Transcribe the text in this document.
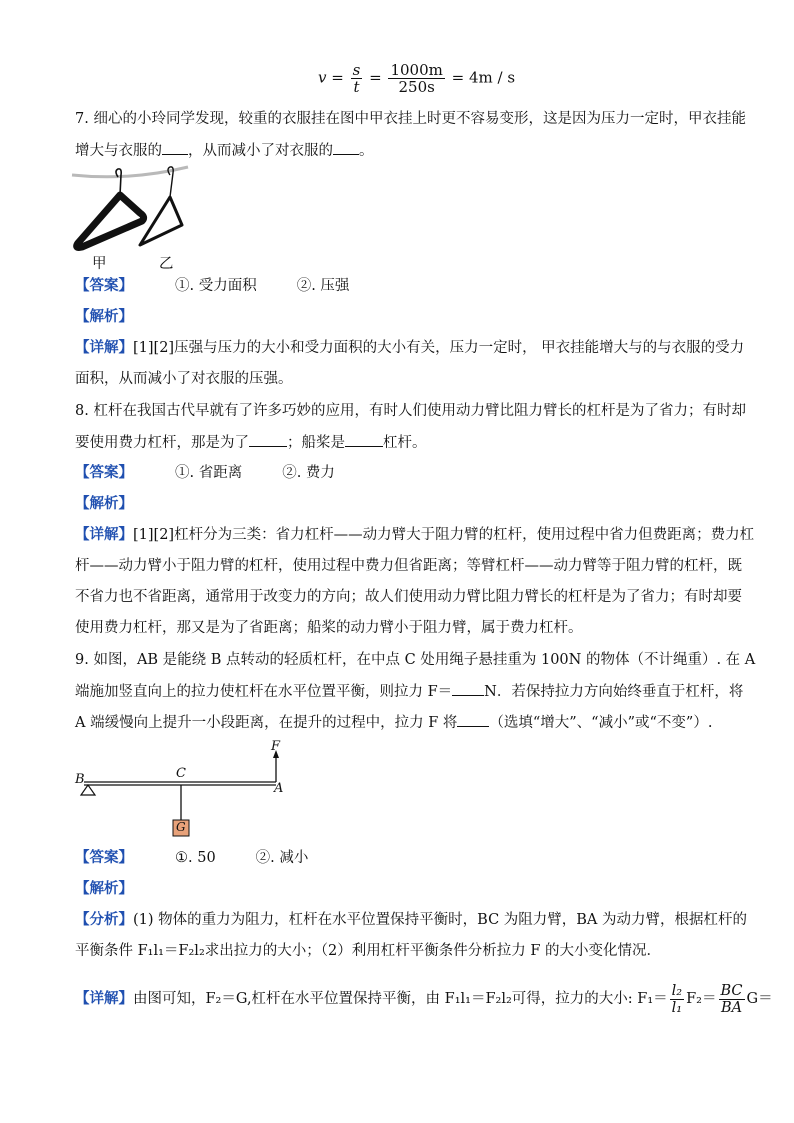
$v = \frac{s}{t} = \frac{1000m}{250s} = 4m / s$
7. 细心的小玲同学发现，较重的衣服挂在图中甲衣挂上时更不容易变形，这是因为压力一定时，甲衣挂能
增大与衣服的 ，从而减小了对衣服的 。
甲	乙
【答案】	①. 受力面积	②. 压强
【解析】
【详解】[1][2]压强与压力的大小和受力面积的大小有关，压力一定时， 甲衣挂能增大与的与衣服的受力
面积，从而减小了对衣服的压强。
8. 杠杆在我国古代早就有了许多巧妙的应用，有时人们使用动力臂比阻力臂长的杠杆是为了省力；有时却
要使用费力杠杆，那是为了	；船桨是	杠杆。
【答案】	①. 省距离	②. 费力
【解析】
【详解】[1][2]杠杆分为三类：省力杠杆——动力臂大于阻力臂的杠杆，使用过程中省力但费距离；费力杠
杆——动力臂小于阻力臂的杠杆，使用过程中费力但省距离；等臂杠杆——动力臂等于阻力臂的杠杆，既
不省力也不省距离，通常用于改变力的方向；故人们使用动力臂比阻力臂长的杠杆是为了省力；有时却要
使用费力杠杆，那又是为了省距离；船桨的动力臂小于阻力臂，属于费力杠杆。
9. 如图，AB 是能绕 B 点转动的轻质杠杆，在中点 C 处用绳子悬挂重为 100N 的物体（不计绳重）. 在 A
端施加竖直向上的拉力使杠杆在水平位置平衡，则拉力 F＝ N．若保持拉力方向始终垂直于杠杆，将
A 端缓慢向上提升一小段距离，在提升的过程中，拉力 F 将 （选填“增大”、“减小”或“不变”）.
B	C
A
F
G
【答案】	①. 50	②. 减小
【解析】
【分析】(1) 物体的重力为阻力，杠杆在水平位置保持平衡时，BC 为阻力臂，BA 为动力臂，根据杠杆的
平衡条件 F₁l₁＝F₂l₂求出拉力的大小；（2）利用杠杆平衡条件分析拉力 F 的大小变化情况．
【详解】由图可知，F₂＝G,杠杆在水平位置保持平衡，由 F₁l₁＝F₂l₂可得，拉力的大小: $F_1= \frac{\text{l₂}}{\text{l₁}} F_2= \frac{BC}{BA} G=$
